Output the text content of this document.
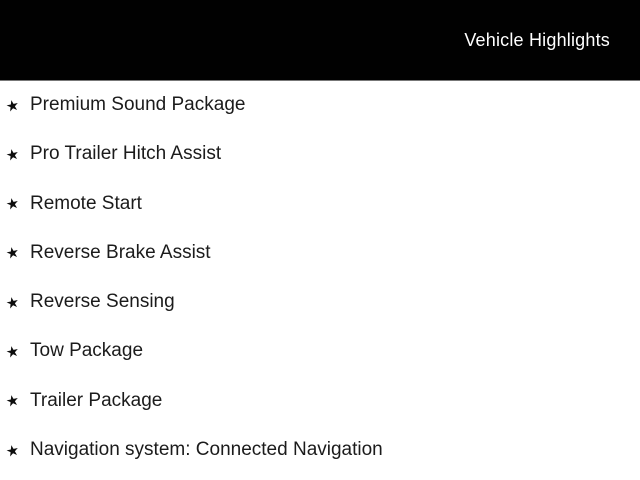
Vehicle Highlights
★ Premium Sound Package
★ Pro Trailer Hitch Assist
★ Remote Start
★ Reverse Brake Assist
★ Reverse Sensing
★ Tow Package
★ Trailer Package
★ Navigation system: Connected Navigation
